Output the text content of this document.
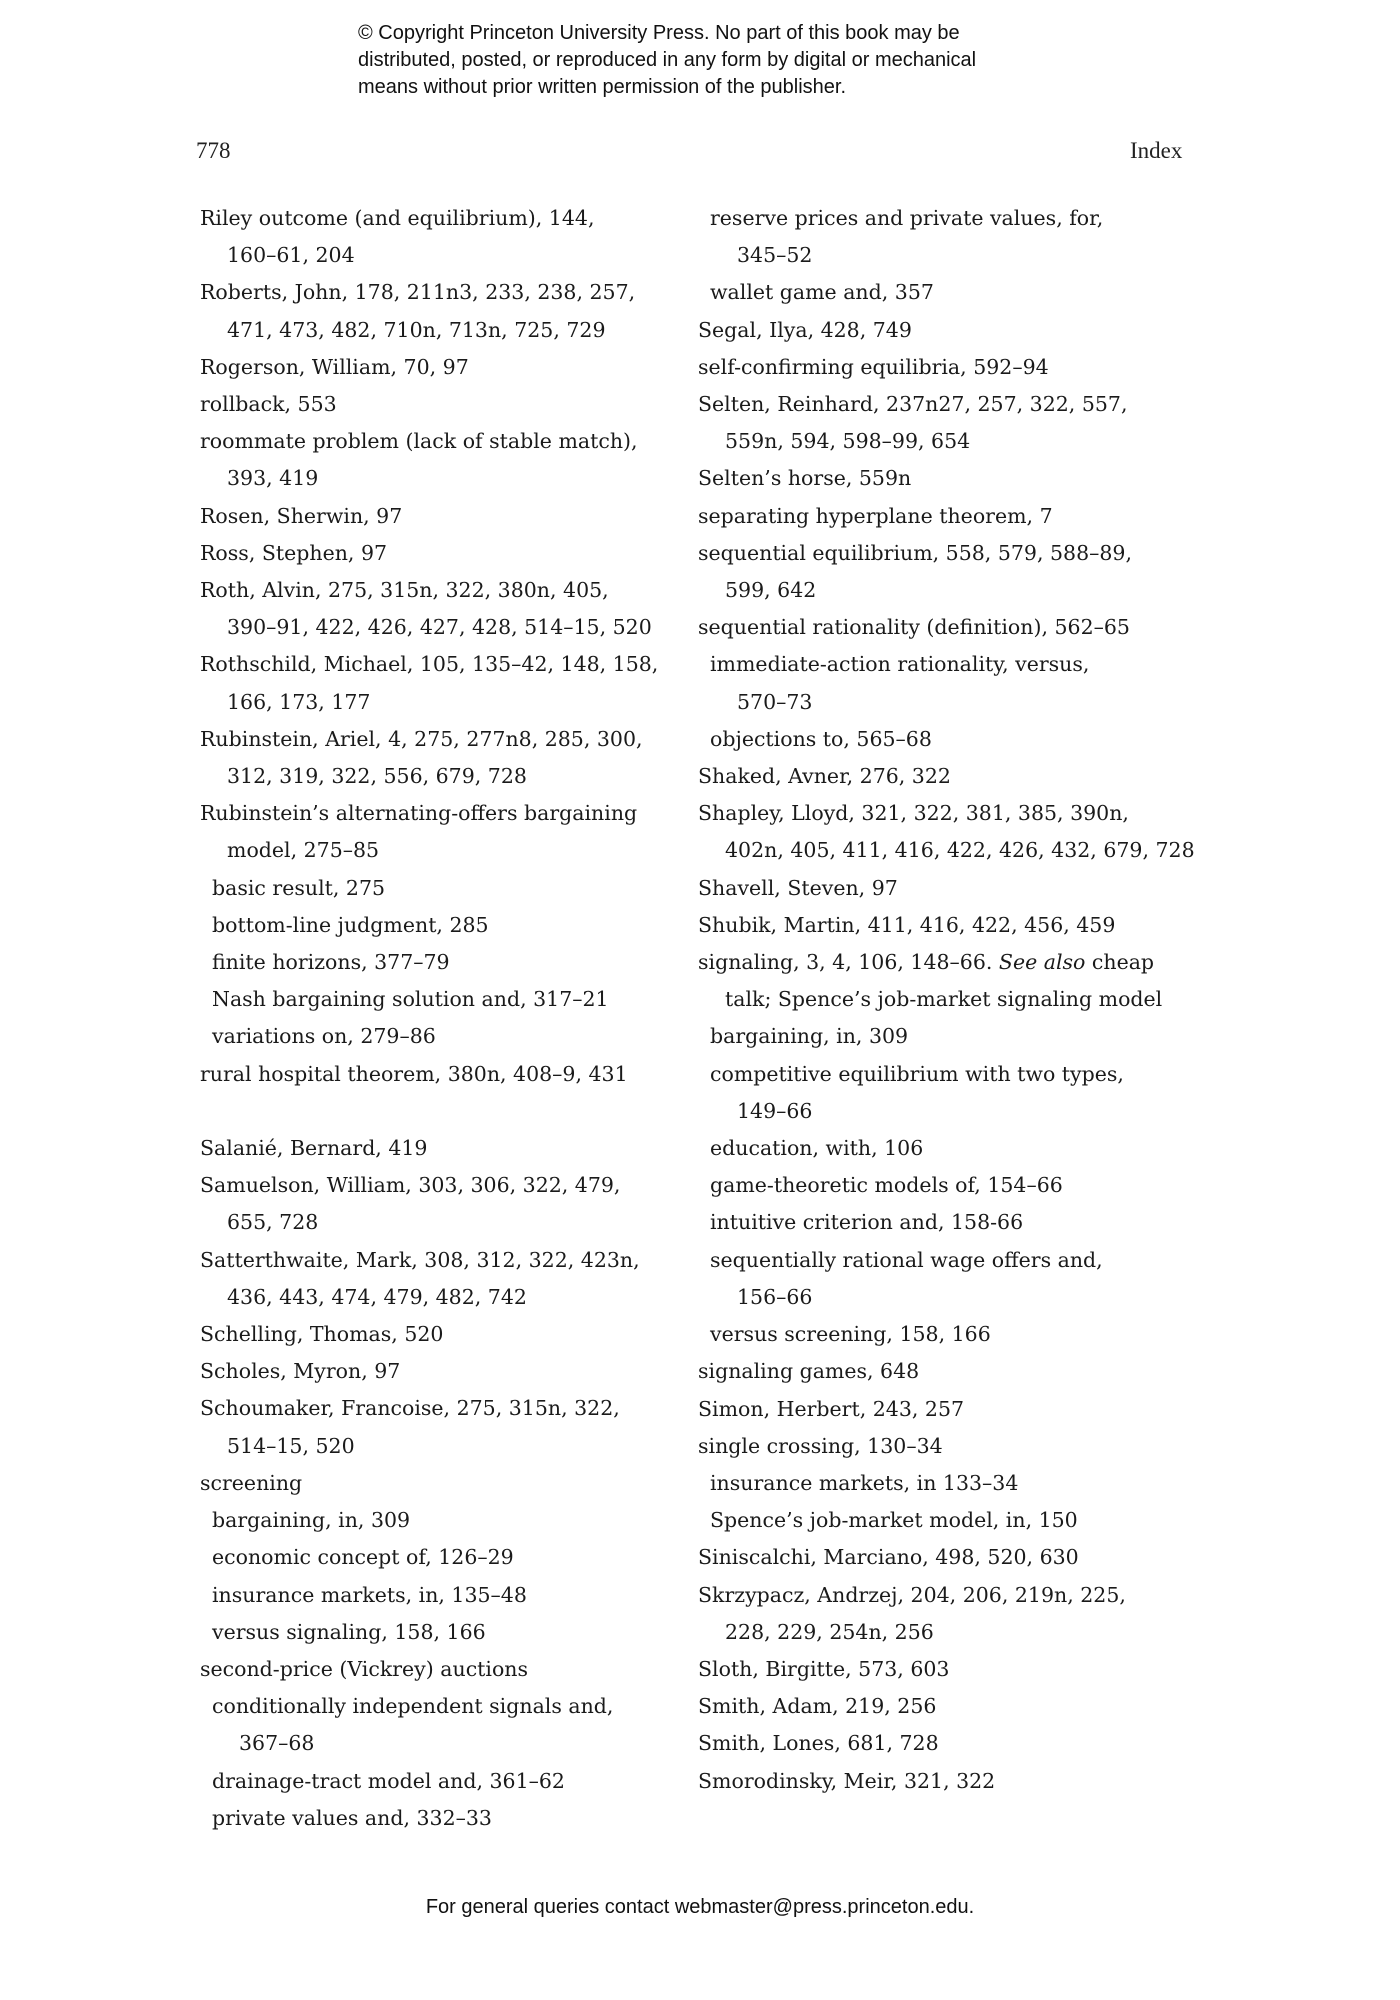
© Copyright Princeton University Press. No part of this book may be
distributed, posted, or reproduced in any form by digital or mechanical
means without prior written permission of the publisher.
778	Index
Riley outcome (and equilibrium), 144,
160–61, 204
Roberts, John, 178, 211n3, 233, 238, 257,
471, 473, 482, 710n, 713n, 725, 729
Rogerson, William, 70, 97
rollback, 553
roommate problem (lack of stable match),
393, 419
Rosen, Sherwin, 97
Ross, Stephen, 97
Roth, Alvin, 275, 315n, 322, 380n, 405,
390–91, 422, 426, 427, 428, 514–15, 520
Rothschild, Michael, 105, 135–42, 148, 158,
166, 173, 177
Rubinstein, Ariel, 4, 275, 277n8, 285, 300,
312, 319, 322, 556, 679, 728
Rubinstein’s alternating-offers bargaining
model, 275–85
basic result, 275
bottom-line judgment, 285
finite horizons, 377–79
Nash bargaining solution and, 317–21
variations on, 279–86
rural hospital theorem, 380n, 408–9, 431
Salanié, Bernard, 419
Samuelson, William, 303, 306, 322, 479,
655, 728
Satterthwaite, Mark, 308, 312, 322, 423n,
436, 443, 474, 479, 482, 742
Schelling, Thomas, 520
Scholes, Myron, 97
Schoumaker, Francoise, 275, 315n, 322,
514–15, 520
screening
bargaining, in, 309
economic concept of, 126–29
insurance markets, in, 135–48
versus signaling, 158, 166
second-price (Vickrey) auctions
conditionally independent signals and,
367–68
drainage-tract model and, 361–62
private values and, 332–33
reserve prices and private values, for,
345–52
wallet game and, 357
Segal, Ilya, 428, 749
self-confirming equilibria, 592–94
Selten, Reinhard, 237n27, 257, 322, 557,
559n, 594, 598–99, 654
Selten’s horse, 559n
separating hyperplane theorem, 7
sequential equilibrium, 558, 579, 588–89,
599, 642
sequential rationality (definition), 562–65
immediate-action rationality, versus,
570–73
objections to, 565–68
Shaked, Avner, 276, 322
Shapley, Lloyd, 321, 322, 381, 385, 390n,
402n, 405, 411, 416, 422, 426, 432, 679, 728
Shavell, Steven, 97
Shubik, Martin, 411, 416, 422, 456, 459
signaling, 3, 4, 106, 148–66. See also cheap
talk; Spence’s job-market signaling model
bargaining, in, 309
competitive equilibrium with two types,
149–66
education, with, 106
game-theoretic models of, 154–66
intuitive criterion and, 158-66
sequentially rational wage offers and,
156–66
versus screening, 158, 166
signaling games, 648
Simon, Herbert, 243, 257
single crossing, 130–34
insurance markets, in 133–34
Spence’s job-market model, in, 150
Siniscalchi, Marciano, 498, 520, 630
Skrzypacz, Andrzej, 204, 206, 219n, 225,
228, 229, 254n, 256
Sloth, Birgitte, 573, 603
Smith, Adam, 219, 256
Smith, Lones, 681, 728
Smorodinsky, Meir, 321, 322
For general queries contact webmaster@press.princeton.edu.
